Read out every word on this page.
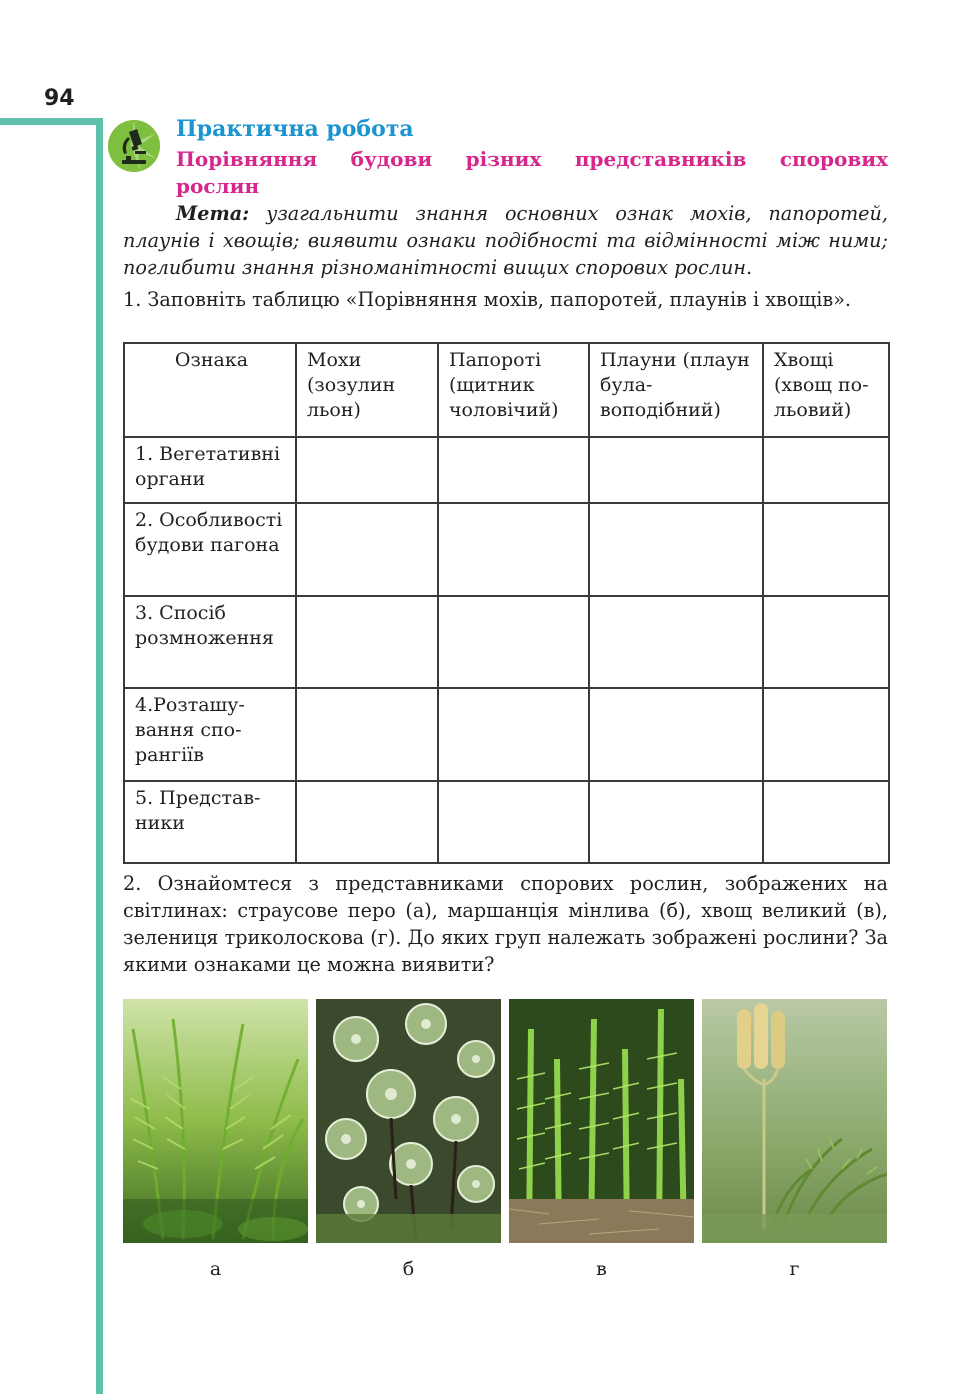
94
Практична робота
Порівняння будови різних представників спорових
рослин
Мета: узагальнити знання основних ознак мохів, папоротей, плаунів і хвощів; виявити ознаки подібності та відмінності між ними; поглибити знання різноманітності вищих спорових рослин.
1. Заповніть таблицю «Порівняння мохів, папоротей, плаунів і хвощів».
Ознака	Мохи (зозулин льон)	Папороті (щитник чоловічий)	Плауни (плаун булавоподібний)	Хвощі (хвощ польовий)
1. Вегетативні органи				
2. Особливості будови пагона				
3. Спосіб розмноження				
4.Розташування спорангіїв				
5. Представники				
2. Ознайомтеся з представниками спорових рослин, зображених на світлинах: страусове перо (а), маршанція мінлива (б), хвощ великий (в), зелениця триколоскова (г). До яких груп належать зображені рослини? За якими ознаками це можна виявити?
а	б	в	г
